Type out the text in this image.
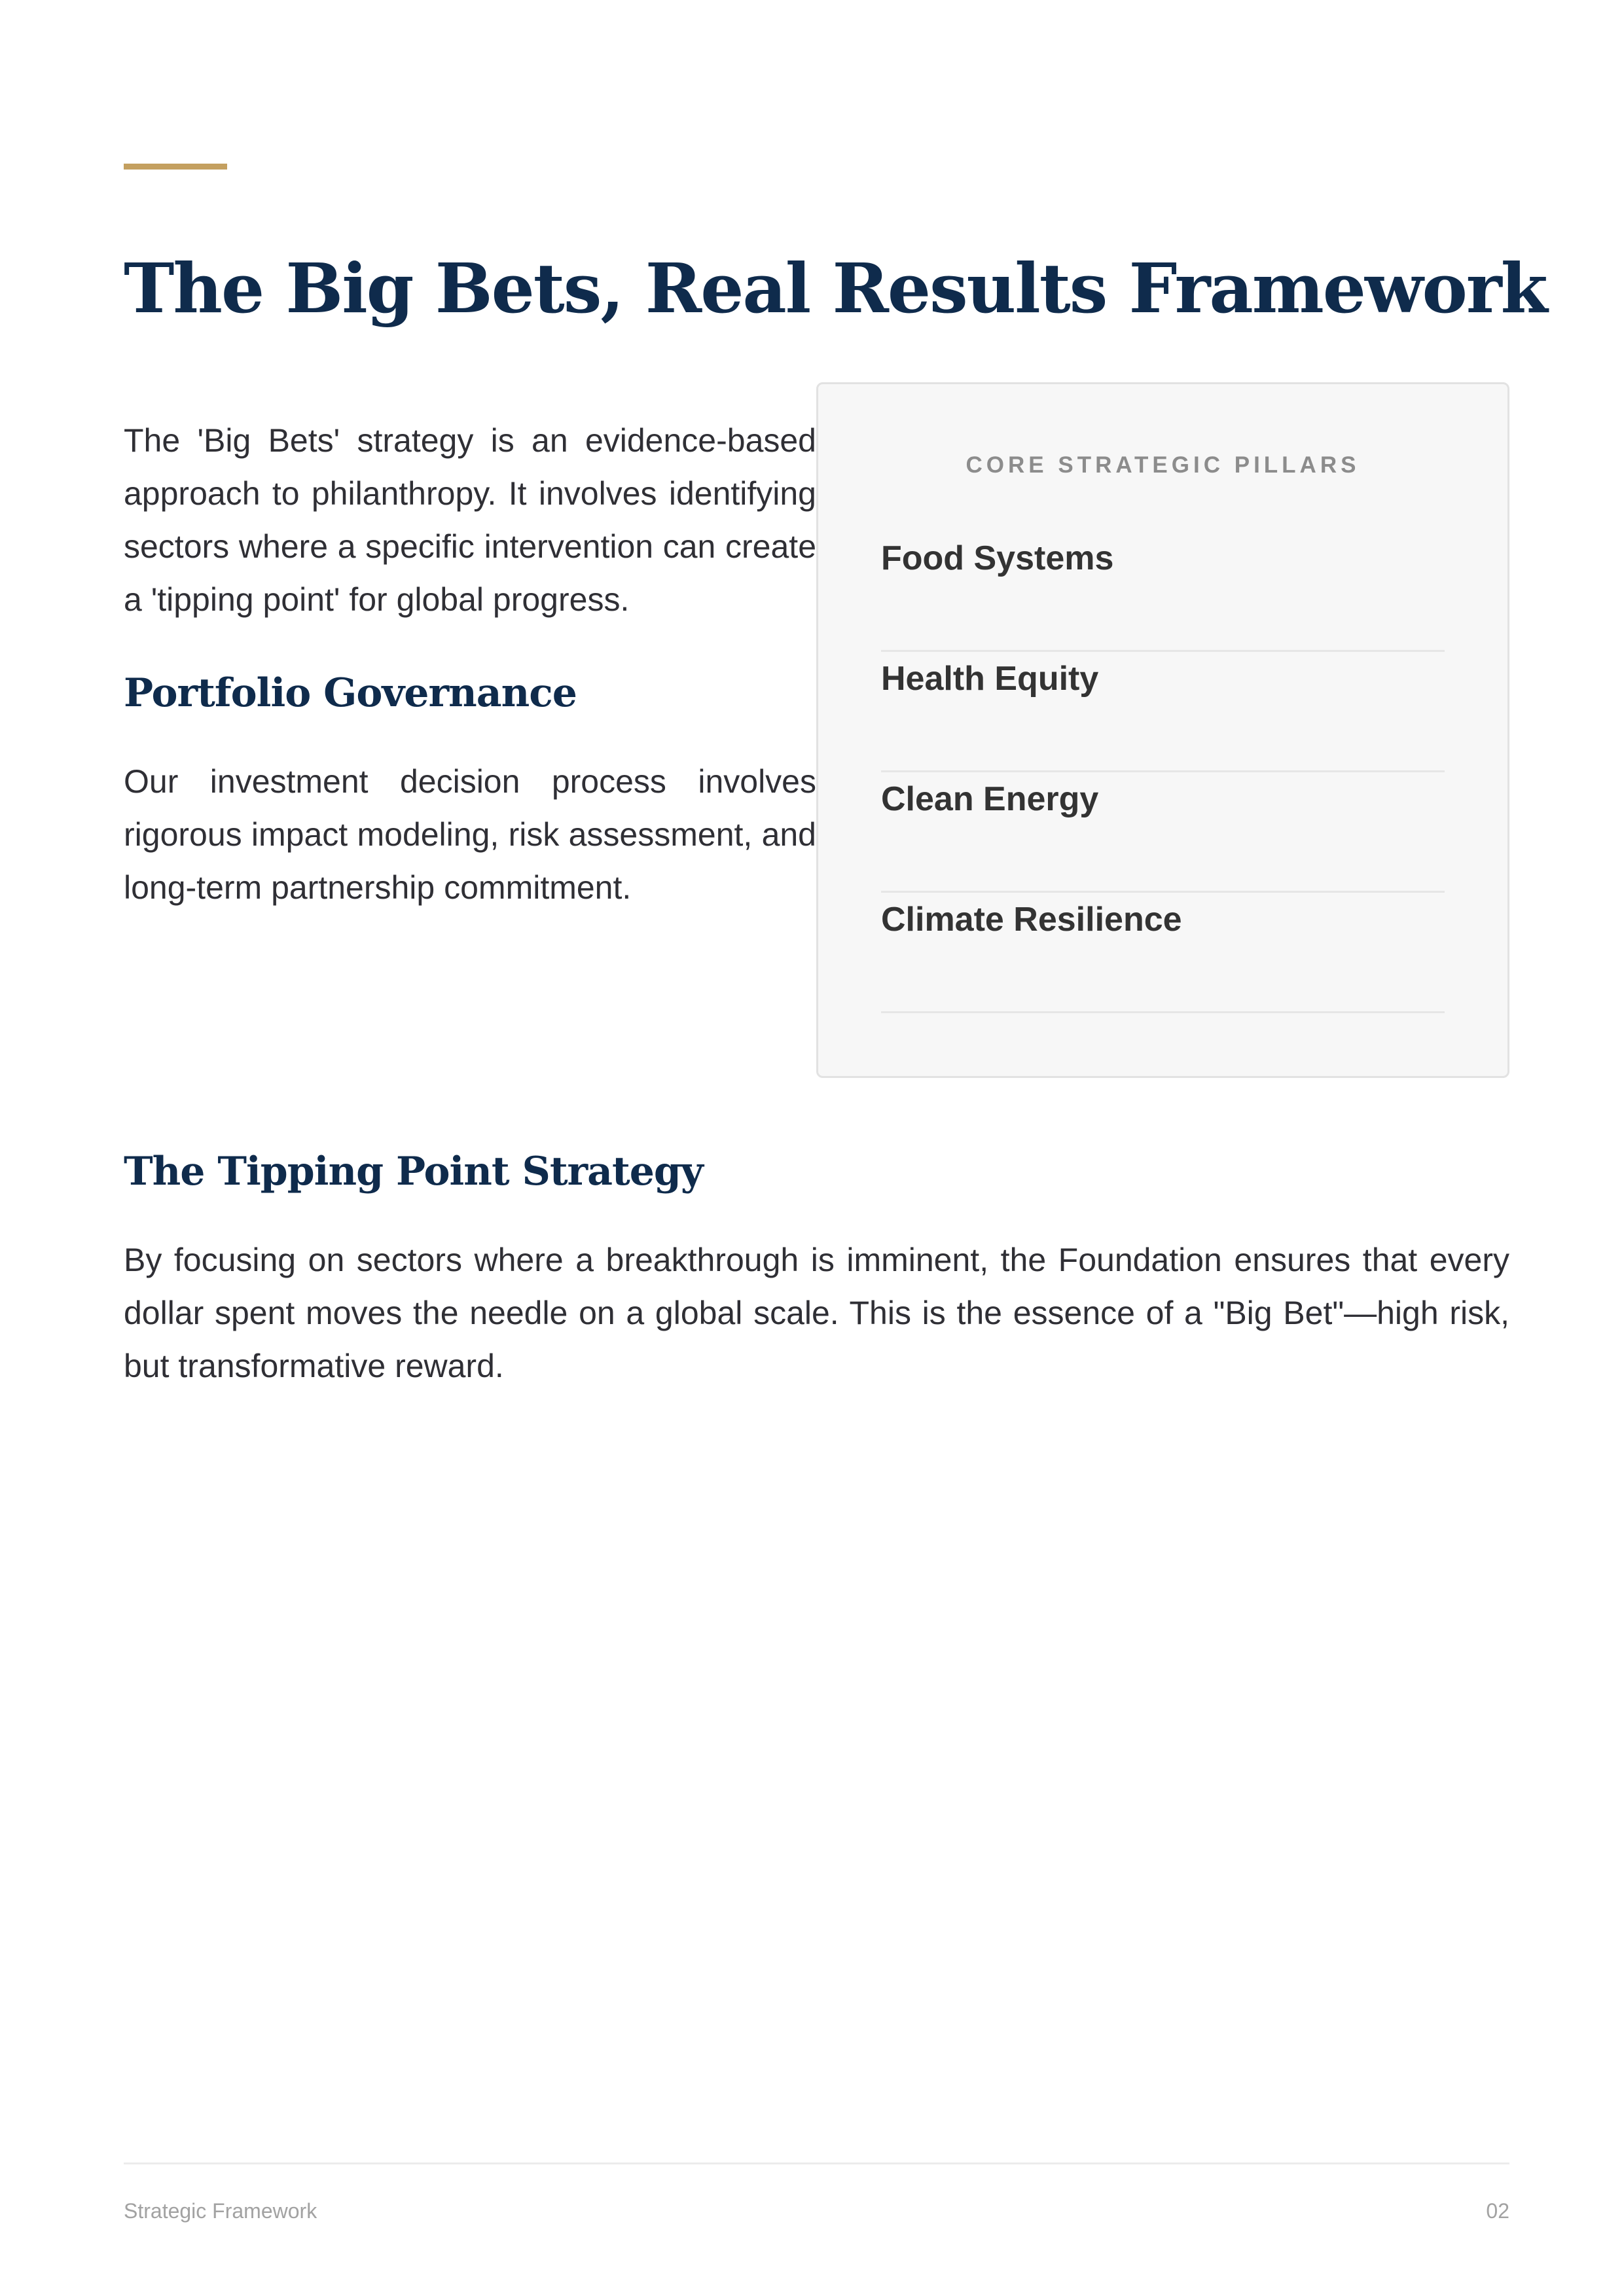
The Big Bets, Real Results Framework

The 'Big Bets' strategy is an evidence-based approach to philanthropy. It involves identifying sectors where a specific intervention can create a 'tipping point' for global progress.

Portfolio Governance

Our investment decision process involves rigorous impact modeling, risk assessment, and long-term partnership commitment.

CORE STRATEGIC PILLARS
Food Systems
Health Equity
Clean Energy
Climate Resilience
The Tipping Point Strategy

By focusing on sectors where a breakthrough is imminent, the Foundation ensures that every dollar spent moves the needle on a global scale. This is the essence of a "Big Bet"—high risk, but transformative reward.

Strategic Framework	02
